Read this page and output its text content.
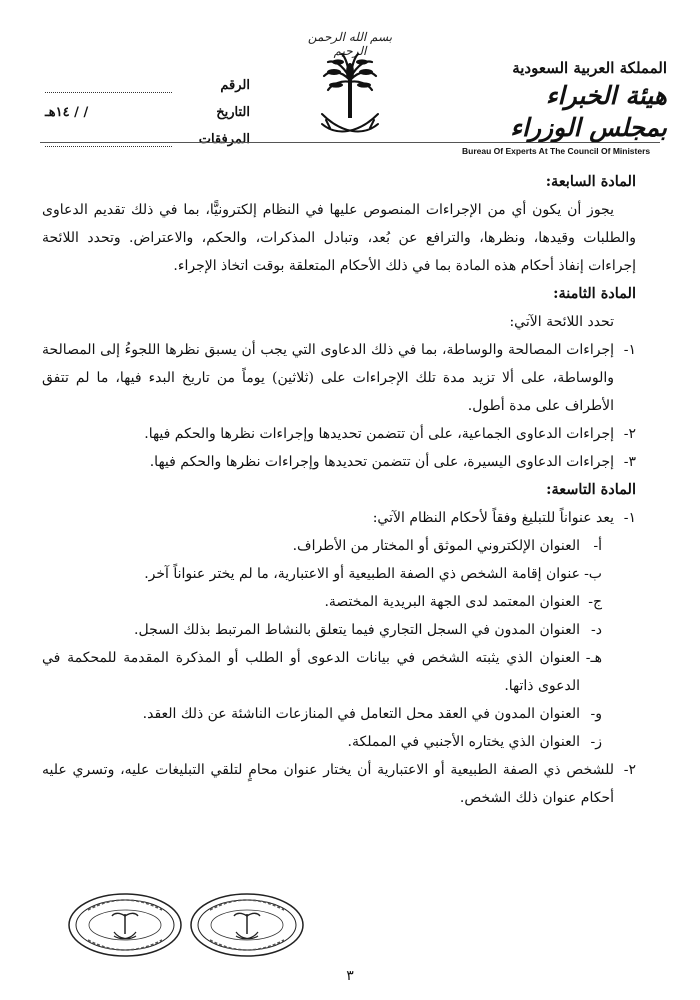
بسم الله الرحمن الرحيم
الرقم
التاريخ
/ / ١٤هـ
المرفقات
المملكة العربية السعودية
هيئة الخبراء بمجلس الوزراء
Bureau Of Experts At The Council Of Ministers

المادة السابعة:

يجوز أن يكون أي من الإجراءات المنصوص عليها في النظام إلكترونيًّا، بما في ذلك تقديم الدعاوى والطلبات وقيدها، ونظرها، والترافع عن بُعد، وتبادل المذكرات، والحكم، والاعتراض. وتحدد اللائحة إجراءات إنفاذ أحكام هذه المادة بما في ذلك الأحكام المتعلقة بوقت اتخاذ الإجراء.

المادة الثامنة:

تحدد اللائحة الآتي:

١-
إجراءات المصالحة والوساطة، بما في ذلك الدعاوى التي يجب أن يسبق نظرها اللجوءُ إلى المصالحة والوساطة، على ألا تزيد مدة تلك الإجراءات على (ثلاثين) يوماً من تاريخ البدء فيها، ما لم تتفق الأطراف على مدة أطول.
٢-
إجراءات الدعاوى الجماعية، على أن تتضمن تحديدها وإجراءات نظرها والحكم فيها.
٣-
إجراءات الدعاوى اليسيرة، على أن تتضمن تحديدها وإجراءات نظرها والحكم فيها.

المادة التاسعة:

١-
يعد عنواناً للتبليغ وفقاً لأحكام النظام الآتي:
أ-
العنوان الإلكتروني الموثق أو المختار من الأطراف.
ب-
عنوان إقامة الشخص ذي الصفة الطبيعية أو الاعتبارية، ما لم يختر عنواناً آخر.
ج-
العنوان المعتمد لدى الجهة البريدية المختصة.
د-
العنوان المدون في السجل التجاري فيما يتعلق بالنشاط المرتبط بذلك السجل.
هـ-
العنوان الذي يثبته الشخص في بيانات الدعوى أو الطلب أو المذكرة المقدمة للمحكمة في الدعوى ذاتها.
و-
العنوان المدون في العقد محل التعامل في المنازعات الناشئة عن ذلك العقد.
ز-
العنوان الذي يختاره الأجنبي في المملكة.
٢-
للشخص ذي الصفة الطبيعية أو الاعتبارية أن يختار عنوان محامٍ لتلقي التبليغات عليه، وتسري عليه أحكام عنوان ذلك الشخص.
٣
